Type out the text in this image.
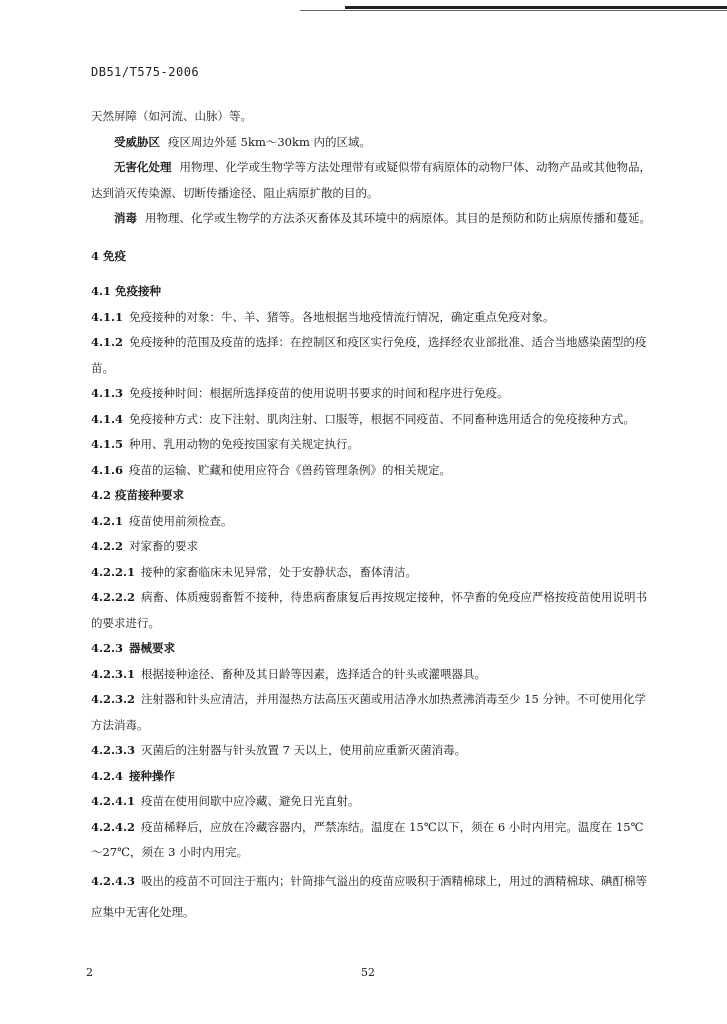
DB51/T575-2006

天然屏障（如河流、山脉）等。

受威胁区 疫区周边外延 5km～30km 内的区域。

无害化处理 用物理、化学或生物学等方法处理带有或疑似带有病原体的动物尸体、动物产品或其他物品，达到消灭传染源、切断传播途径、阻止病原扩散的目的。

消毒 用物理、化学或生物学的方法杀灭畜体及其环境中的病原体。其目的是预防和防止病原传播和蔓延。

4 免疫

4.1 免疫接种

4.1.1 免疫接种的对象：牛、羊、猪等。各地根据当地疫情流行情况，确定重点免疫对象。

4.1.2 免疫接种的范围及疫苗的选择：在控制区和疫区实行免疫，选择经农业部批准、适合当地感染菌型的疫苗。

4.1.3 免疫接种时间：根据所选择疫苗的使用说明书要求的时间和程序进行免疫。

4.1.4 免疫接种方式：皮下注射、肌肉注射、口服等，根据不同疫苗、不同畜种选用适合的免疫接种方式。

4.1.5 种用、乳用动物的免疫按国家有关规定执行。

4.1.6 疫苗的运输、贮藏和使用应符合《兽药管理条例》的相关规定。

4.2 疫苗接种要求

4.2.1 疫苗使用前须检查。

4.2.2 对家畜的要求

4.2.2.1 接种的家畜临床未见异常，处于安静状态，畜体清洁。

4.2.2.2 病畜、体质瘦弱畜暂不接种，待患病畜康复后再按规定接种，怀孕畜的免疫应严格按疫苗使用说明书的要求进行。

4.2.3 器械要求

4.2.3.1 根据接种途径、畜种及其日龄等因素，选择适合的针头或灌喂器具。

4.2.3.2 注射器和针头应清洁，并用湿热方法高压灭菌或用洁净水加热煮沸消毒至少 15 分钟。不可使用化学方法消毒。

4.2.3.3 灭菌后的注射器与针头放置 7 天以上，使用前应重新灭菌消毒。

4.2.4 接种操作

4.2.4.1 疫苗在使用间歇中应冷藏、避免日光直射。

4.2.4.2 疫苗稀释后，应放在冷藏容器内，严禁冻结。温度在 15℃以下，须在 6 小时内用完。温度在 15℃～27℃，须在 3 小时内用完。

4.2.4.3 吸出的疫苗不可回注于瓶内；针筒排气溢出的疫苗应吸积于酒精棉球上，用过的酒精棉球、碘酊棉等应集中无害化处理。

2	52
